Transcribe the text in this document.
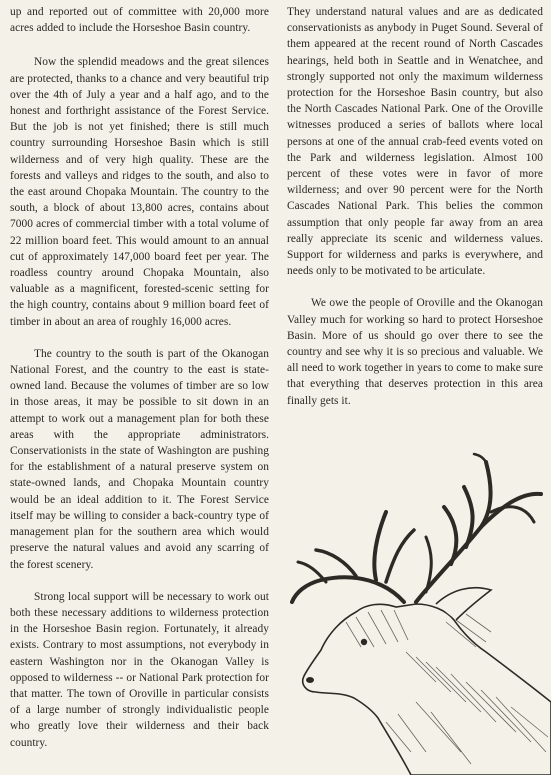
up and reported out of committee with 20,000 more acres added to include the Horseshoe Basin country.

Now the splendid meadows and the great silences are protected, thanks to a chance and very beautiful trip over the 4th of July a year and a half ago, and to the honest and forthright assistance of the Forest Service. But the job is not yet finished; there is still much country surrounding Horseshoe Basin which is still wilderness and of very high quality. These are the forests and valleys and ridges to the south, and also to the east around Chopaka Mountain. The country to the south, a block of about 13,800 acres, contains about 7000 acres of commercial timber with a total volume of 22 million board feet. This would amount to an annual cut of approximately 147,000 board feet per year. The roadless country around Chopaka Mountain, also valuable as a magnificent, forested-scenic setting for the high country, contains about 9 million board feet of timber in about an area of roughly 16,000 acres.

The country to the south is part of the Okanogan National Forest, and the country to the east is state-owned land. Because the volumes of timber are so low in those areas, it may be possible to sit down in an attempt to work out a management plan for both these areas with the appropriate administrators. Conservationists in the state of Washington are pushing for the establishment of a natural preserve system on state-owned lands, and Chopaka Mountain country would be an ideal addition to it. The Forest Service itself may be willing to consider a back-country type of management plan for the southern area which would preserve the natural values and avoid any scarring of the forest scenery.

Strong local support will be necessary to work out both these necessary additions to wilderness protection in the Horseshoe Basin region. Fortunately, it already exists. Contrary to most assumptions, not everybody in eastern Washington nor in the Okanogan Valley is opposed to wilderness -- or National Park protection for that matter. The town of Oroville in particular consists of a large number of strongly individualistic people who greatly love their wilderness and their back country.

They understand natural values and are as dedicated conservationists as anybody in Puget Sound. Several of them appeared at the recent round of North Cascades hearings, held both in Seattle and in Wenatchee, and strongly supported not only the maximum wilderness protection for the Horseshoe Basin country, but also the North Cascades National Park. One of the Oroville witnesses produced a series of ballots where local persons at one of the annual crab-feed events voted on the Park and wilderness legislation. Almost 100 percent of these votes were in favor of more wilderness; and over 90 percent were for the North Cascades National Park. This belies the common assumption that only people far away from an area really appreciate its scenic and wilderness values. Support for wilderness and parks is everywhere, and needs only to be motivated to be articulate.

We owe the people of Oroville and the Okanogan Valley much for working so hard to protect Horseshoe Basin. More of us should go over there to see the country and see why it is so precious and valuable. We all need to work together in years to come to make sure that everything that deserves protection in this area finally gets it.
